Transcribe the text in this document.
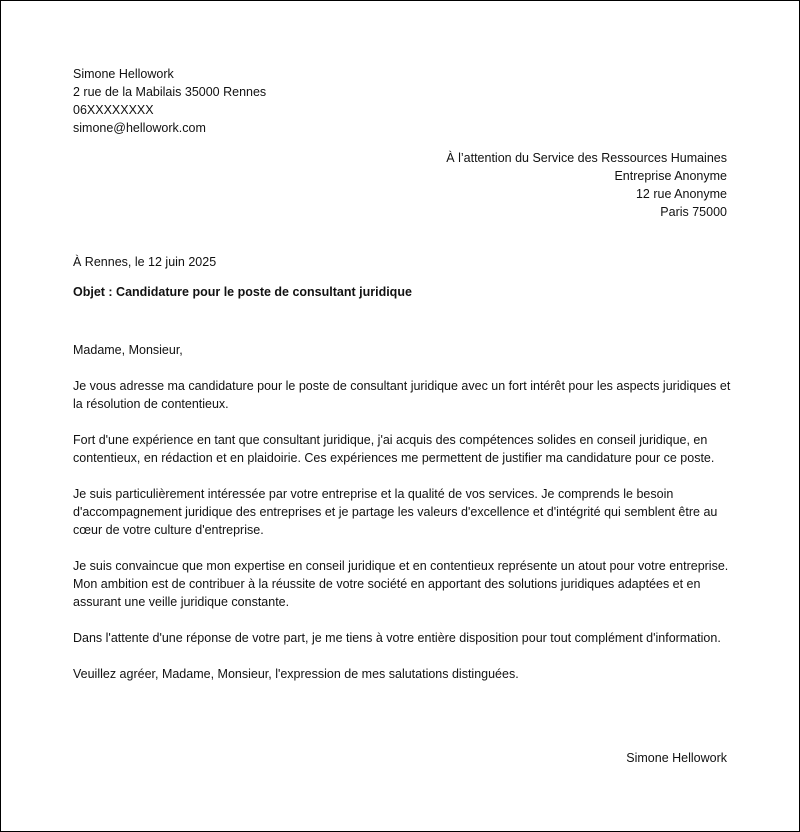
Simone Hellowork
2 rue de la Mabilais 35000 Rennes
06XXXXXXXX
simone@hellowork.com
À l’attention du Service des Ressources Humaines
Entreprise Anonyme
12 rue Anonyme
Paris 75000
À Rennes, le 12 juin 2025
Objet : Candidature pour le poste de consultant juridique

Madame, Monsieur,

Je vous adresse ma candidature pour le poste de consultant juridique avec un fort intérêt pour les aspects juridiques et la résolution de contentieux.

Fort d'une expérience en tant que consultant juridique, j'ai acquis des compétences solides en conseil juridique, en contentieux, en rédaction et en plaidoirie. Ces expériences me permettent de justifier ma candidature pour ce poste.

Je suis particulièrement intéressée par votre entreprise et la qualité de vos services. Je comprends le besoin d'accompagnement juridique des entreprises et je partage les valeurs d'excellence et d'intégrité qui semblent être au cœur de votre culture d'entreprise.

Je suis convaincue que mon expertise en conseil juridique et en contentieux représente un atout pour votre entreprise. Mon ambition est de contribuer à la réussite de votre société en apportant des solutions juridiques adaptées et en assurant une veille juridique constante.

Dans l'attente d'une réponse de votre part, je me tiens à votre entière disposition pour tout complément d'information.

Veuillez agréer, Madame, Monsieur, l'expression de mes salutations distinguées.

Simone Hellowork
